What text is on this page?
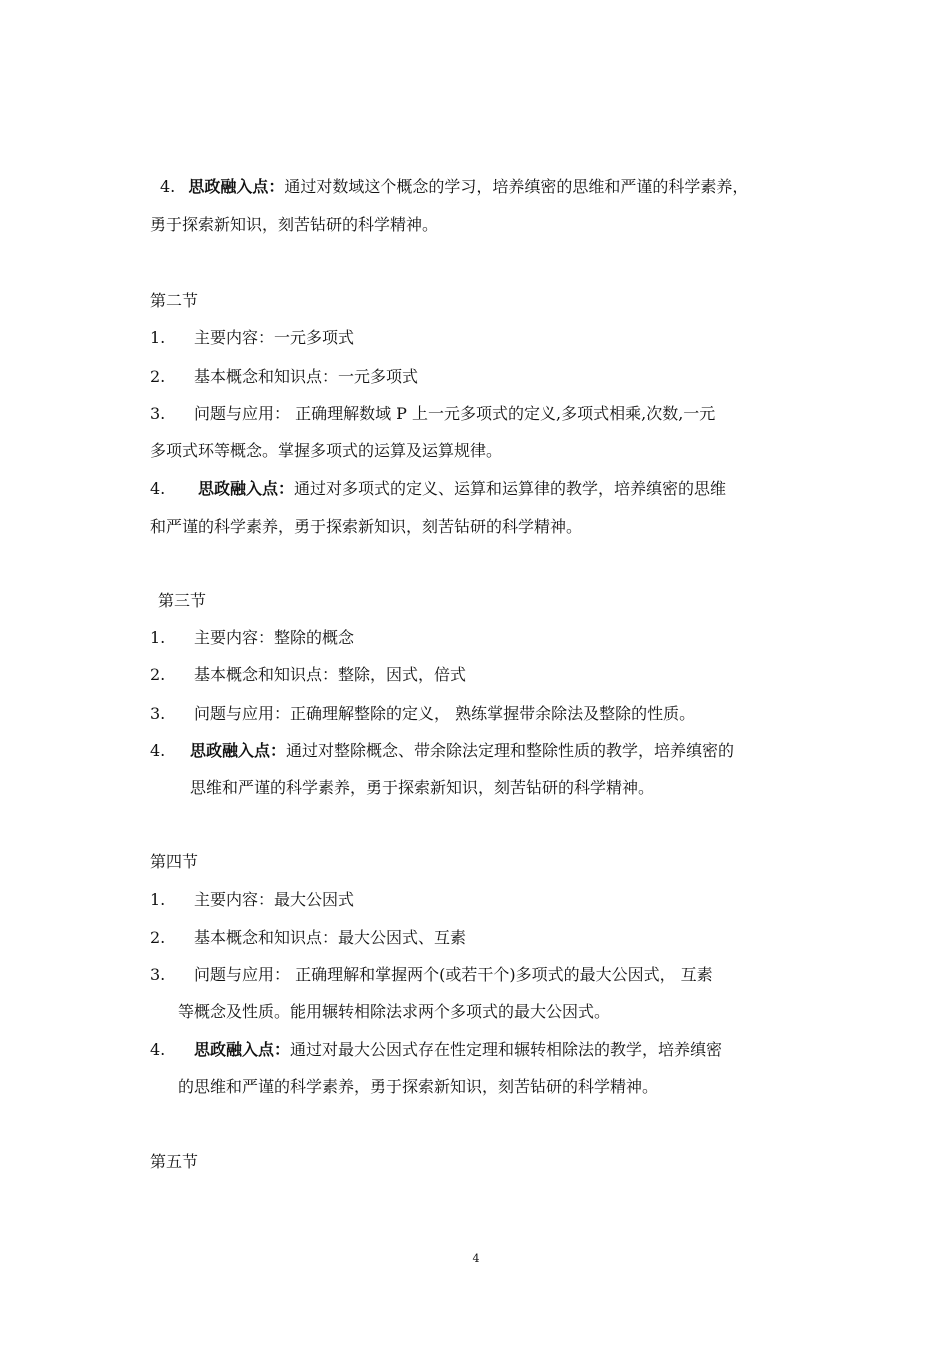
4. 思政融入点：通过对数域这个概念的学习，培养缜密的思维和严谨的科学素养，
勇于探索新知识，刻苦钻研的科学精神。
第二节
1. 主要内容：一元多项式
2. 基本概念和知识点：一元多项式
3. 问题与应用： 正确理解数域 P 上一元多项式的定义,多项式相乘,次数,一元
多项式环等概念。掌握多项式的运算及运算规律。
4. 思政融入点：通过对多项式的定义、运算和运算律的教学，培养缜密的思维
和严谨的科学素养，勇于探索新知识，刻苦钻研的科学精神。
第三节
1. 主要内容：整除的概念
2. 基本概念和知识点：整除，因式，倍式
3. 问题与应用：正确理解整除的定义， 熟练掌握带余除法及整除的性质。
4. 思政融入点：通过对整除概念、带余除法定理和整除性质的教学，培养缜密的
思维和严谨的科学素养，勇于探索新知识，刻苦钻研的科学精神。
第四节
1. 主要内容：最大公因式
2. 基本概念和知识点：最大公因式、互素
3. 问题与应用： 正确理解和掌握两个(或若干个)多项式的最大公因式， 互素
等概念及性质。能用辗转相除法求两个多项式的最大公因式。
4. 思政融入点：通过对最大公因式存在性定理和辗转相除法的教学，培养缜密
的思维和严谨的科学素养，勇于探索新知识，刻苦钻研的科学精神。
第五节
4
